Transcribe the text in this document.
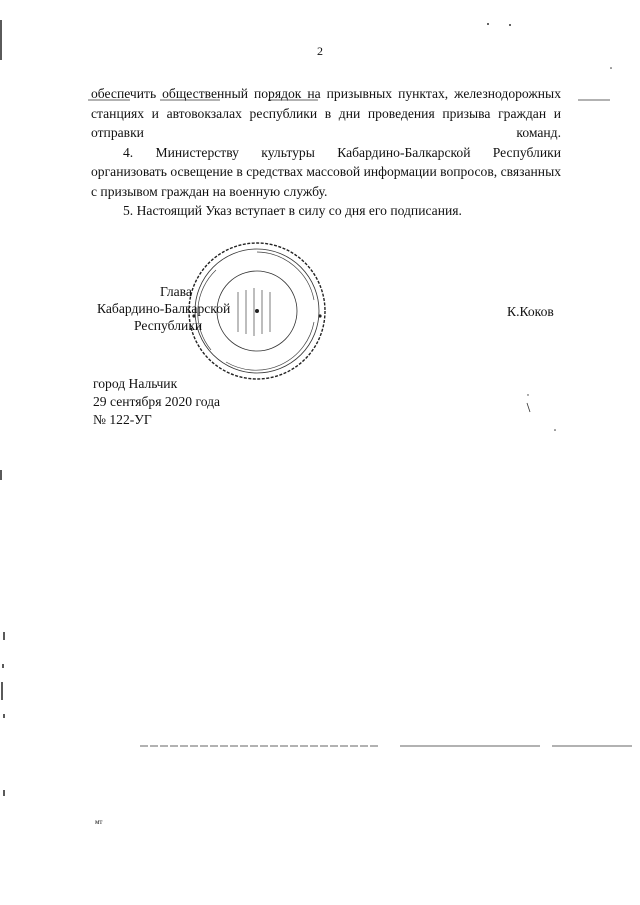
2

обеспечить общественный порядок на призывных пунктах, железнодорожных станциях и автовокзалах республики в дни проведения призыва граждан и отправки команд.

4. Министерству культуры Кабардино-Балкарской Республики организовать освещение в средствах массовой информации вопросов, связанных с призывом граждан на военную службу.

5. Настоящий Указ вступает в силу со дня его подписания.

Глава
Кабардино-Балкарской
Республики
К.Коков
город Нальчик
29 сентября 2020 года
№ 122-УГ
мт
